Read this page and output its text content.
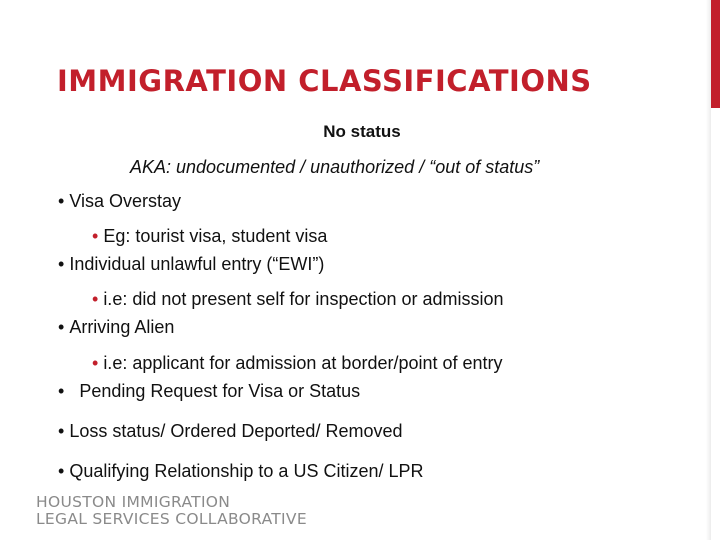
IMMIGRATION CLASSIFICATIONS
No status
AKA: undocumented / unauthorized / “out of status”
• Visa Overstay
• Eg: tourist visa, student visa
• Individual unlawful entry (“EWI”)
• i.e: did not present self for inspection or admission
• Arriving Alien
• i.e: applicant for admission at border/point of entry
•   Pending Request for Visa or Status
• Loss status/ Ordered Deported/ Removed
• Qualifying Relationship to a US Citizen/ LPR
HOUSTON IMMIGRATION
LEGAL SERVICES COLLABORATIVE
